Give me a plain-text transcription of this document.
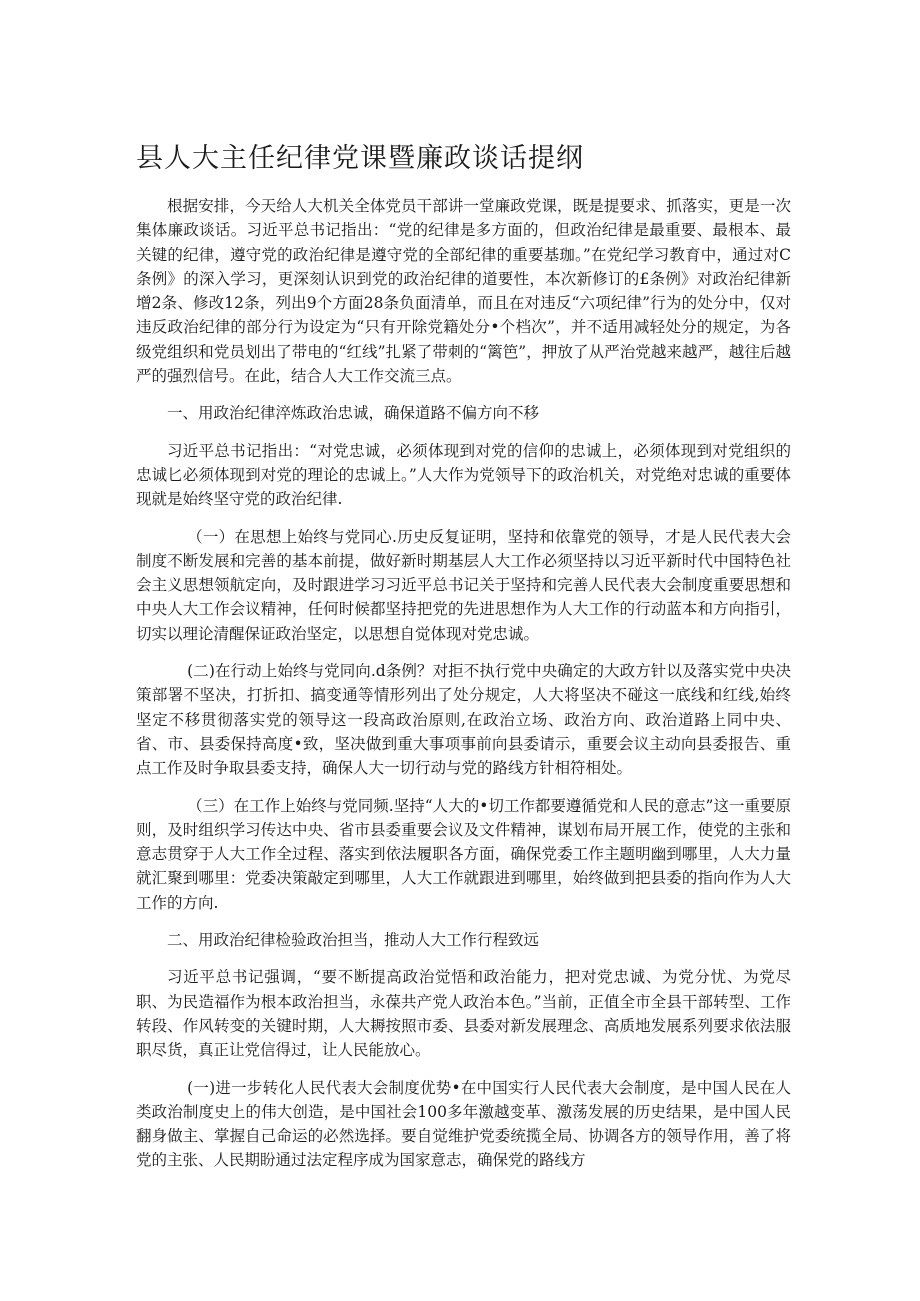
县人大主任纪律党课暨廉政谈话提纲

根据安排，今天给人大机关全体党员干部讲一堂廉政党课，既是提要求、抓落实，更是一次集体廉政谈话。习近平总书记指出：“党的纪律是多方面的，但政治纪律是最重要、最根本、最关键的纪律，遵守党的政治纪律是遵守党的全部纪律的重要基珈。”在党纪学习教育中，通过对C条例》的深入学习，更深刻认识到党的政治纪律的道要性，本次新修订的£条例》对政治纪律新增2条、修改12条，列出9个方面28条负面清单，而且在对违反“六项纪律”行为的处分中，仅对违反政治纪律的部分行为设定为“只有开除党籍处分•个档次”，并不适用减轻处分的规定，为各级党组织和党员划出了带电的“红线”扎紧了带刺的“篱笆”，押放了从严治党越来越严，越往后越严的强烈信号。在此，结合人大工作交流三点。

一、用政治纪律淬炼政治忠诚，确保道路不偏方向不移

习近平总书记指出：“对党忠诚，必须体现到对党的信仰的忠诚上，必须体现到对党组织的忠诚匕必须体现到对党的理论的忠诚上。”人大作为党领导下的政治机关，对党绝对忠诚的重要体现就是始终坚守党的政治纪律.

（一）在思想上始终与党同心.历史反复证明，坚持和依靠党的领导，才是人民代表大会制度不断发展和完善的基本前提，做好新时期基层人大工作必须坚持以习近平新时代中国特色社会主义思想领航定向，及时跟进学习习近平总书记关于坚持和完善人民代表大会制度重要思想和中央人大工作会议精神，任何时候都坚持把党的先进思想作为人大工作的行动蓝本和方向指引，切实以理论清醒保证政治坚定，以思想自觉体现对党忠诚。

(二)在行动上始终与党同向.d条例？对拒不执行党中央确定的大政方针以及落实党中央决策部署不坚决，打折扣、搞变通等情形列出了处分规定，人大将坚决不碰这一底线和红线,始终坚定不移贯彻落实党的领导这一段高政治原则,在政治立场、政治方向、政治道路上同中央、省、市、县委保持高度•致，坚决做到重大事项事前向县委请示，重要会议主动向县委报告、重点工作及时争取县委支持，确保人大一切行动与党的路线方针相符相处。

（三）在工作上始终与党同频.坚持“人大的•切工作都要遵循党和人民的意志”这一重要原则，及时组织学习传达中央、省市县委重要会议及文件精神，谋划布局开展工作，使党的主张和意志贯穿于人大工作全过程、落实到依法履职各方面，确保党委工作主题明幽到哪里，人大力量就汇聚到哪里：党委决策敲定到哪里，人大工作就跟进到哪里，始终做到把县委的指向作为人大工作的方向.

二、用政治纪律检验政治担当，推动人大工作行程致远

习近平总书记强调，“要不断提高政治觉悟和政治能力，把对党忠诚、为党分忧、为党尽职、为民造福作为根本政治担当，永葆共产党人政治本色。”当前，正值全市全县干部转型、工作转段、作风转变的关键时期，人大耨按照市委、县委对新发展理念、高质地发展系列要求依法服职尽货，真正让党信得过，让人民能放心。

(一)进一步转化人民代表大会制度优势•在中国实行人民代表大会制度，是中国人民在人类政治制度史上的伟大创造，是中国社会100多年激越变革、激荡发展的历史结果，是中国人民翻身做主、掌握自己命运的必然选择。要自觉维护党委统揽全局、协调各方的领导作用，善了将党的主张、人民期盼通过法定程序成为国家意志，确保党的路线方
